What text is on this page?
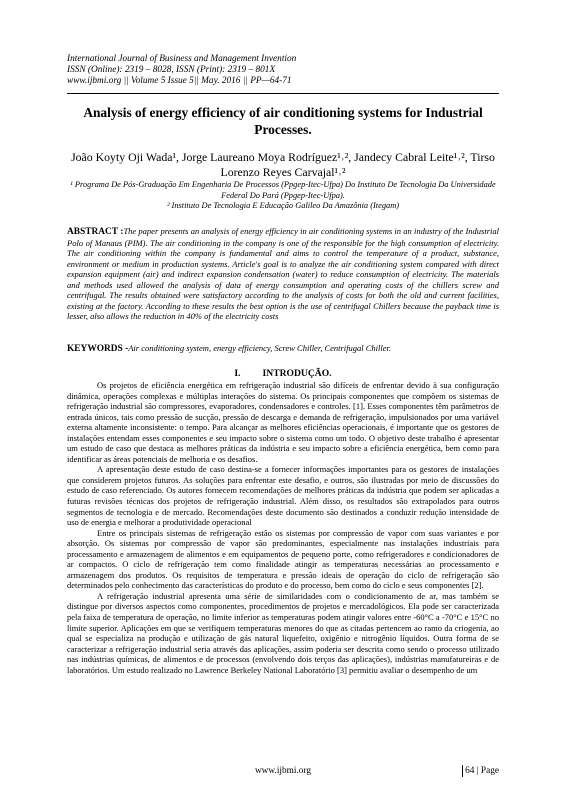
International Journal of Business and Management Invention
ISSN (Online): 2319 – 8028, ISSN (Print): 2319 – 801X
www.ijbmi.org || Volume 5 Issue 5|| May. 2016 || PP—64-71
Analysis of energy efficiency of air conditioning systems for Industrial Processes.
João Koyty Oji Wada¹, Jorge Laureano Moya Rodríguez¹˒², Jandecy Cabral Leite¹˒², Tirso Lorenzo Reyes Carvajal¹˒²
¹ Programa De Pós-Graduação Em Engenharia De Processos (Ppgep-Itec-Ufpa) Do Instituto De Tecnologia Da Universidade Federal Do Pará (Ppgep-Itec-Ufpa).
² Instituto De Tecnologia E Educação Galileo Da Amazônia (Itegam)
ABSTRACT :The paper presents an analysis of energy efficiency in air conditioning systems in an industry of the Industrial Polo of Manaus (PIM). The air conditioning in the company is one of the responsible for the high consumption of electricity. The air conditioning within the company is fundamental and aims to control the temperature of a product, substance, environment or medium in production systems. Article's goal is to analyze the air conditioning system compared with direct expansion equipment (air) and indirect expansion condensation (water) to reduce consumption of electricity. The materials and methods used allowed the analysis of data of energy consumption and operating costs of the chillers screw and centrifugal. The results obtained were satisfactory according to the analysis of costs for both the old and current facilities, existing at the factory. According to these results the best option is the use of centrifugal Chillers because the payback time is lesser, also allows the reduction in 40% of the electricity costs
KEYWORDS -Air conditioning system, energy efficiency, Screw Chiller, Centrifugal Chiller.
I. INTRODUÇÃO.

Os projetos de eficiência energética em refrigeração industrial são difíceis de enfrentar devido à sua configuração dinâmica, operações complexas e múltiplas interações do sistema. Os principais componentes que compõem os sistemas de refrigeração industrial são compressores, evaporadores, condensadores e controles. [1]. Esses componentes têm parâmetros de entrada únicos, tais como pressão de sucção, pressão de descarga e demanda de refrigeração, impulsionados por uma variável externa altamente inconsistente: o tempo. Para alcançar as melhores eficiências operacionais, é importante que os gestores de instalações entendam esses componentes e seu impacto sobre o sistema como um todo. O objetivo deste trabalho é apresentar um estudo de caso que destaca as melhores práticas da indústria e seu impacto sobre a eficiência energética, bem como para identificar as áreas potenciais de melhoria e os desafios.

A apresentação deste estudo de caso destina-se a fornecer informações importantes para os gestores de instalações que considerem projetos futuros. As soluções para enfrentar este desafio, e outros, são ilustradas por meio de discussões do estudo de caso referenciado. Os autores fornecem recomendações de melhores práticas da indústria que podem ser aplicadas a futuras revisões técnicas dos projetos de refrigeração industrial. Além disso, os resultados são extrapolados para outros segmentos de tecnologia e de mercado. Recomendações deste documento são destinados a conduzir redução intensidade de uso de energia e melhorar a produtividade operacional

Entre os principais sistemas de refrigeração estão os sistemas por compressão de vapor com suas variantes e por absorção. Os sistemas por compressão de vapor são predominantes, especialmente nas instalações industriais para processamento e armazenagem de alimentos e em equipamentos de pequeno porte, como refrigeradores e condicionadores de ar compactos. O ciclo de refrigeração tem como finalidade atingir as temperaturas necessárias ao processamento e armazenagem dos produtos. Os requisitos de temperatura e pressão ideais de operação do ciclo de refrigeração são determinados pelo conhecimento das características do produto e do processo, bem como do ciclo e seus componentes [2].

A refrigeração industrial apresenta uma série de similaridades com o condicionamento de ar, mas também se distingue por diversos aspectos como componentes, procedimentos de projetos e mercadológicos. Ela pode ser caracterizada pela faixa de temperatura de operação, no limite inferior as temperaturas podem atingir valores entre -60°C a -70°C e 15°C no limite superior. Aplicações em que se verifiquem temperaturas menores do que as citadas pertencem ao ramo da criogenia, ao qual se especializa na produção e utilização de gás natural liquefeito, oxigênio e nitrogênio líquidos. Outra forma de se caracterizar a refrigeração industrial seria através das aplicações, assim poderia ser descrita como sendo o processo utilizado nas indústrias químicas, de alimentos e de processos (envolvendo dois terços das aplicações), indústrias manufatureiras e de laboratórios. Um estudo realizado no Lawrence Berkeley National Laboratório [3] permitiu avaliar o desempenho de um

www.ijbmi.org	64 | Page
